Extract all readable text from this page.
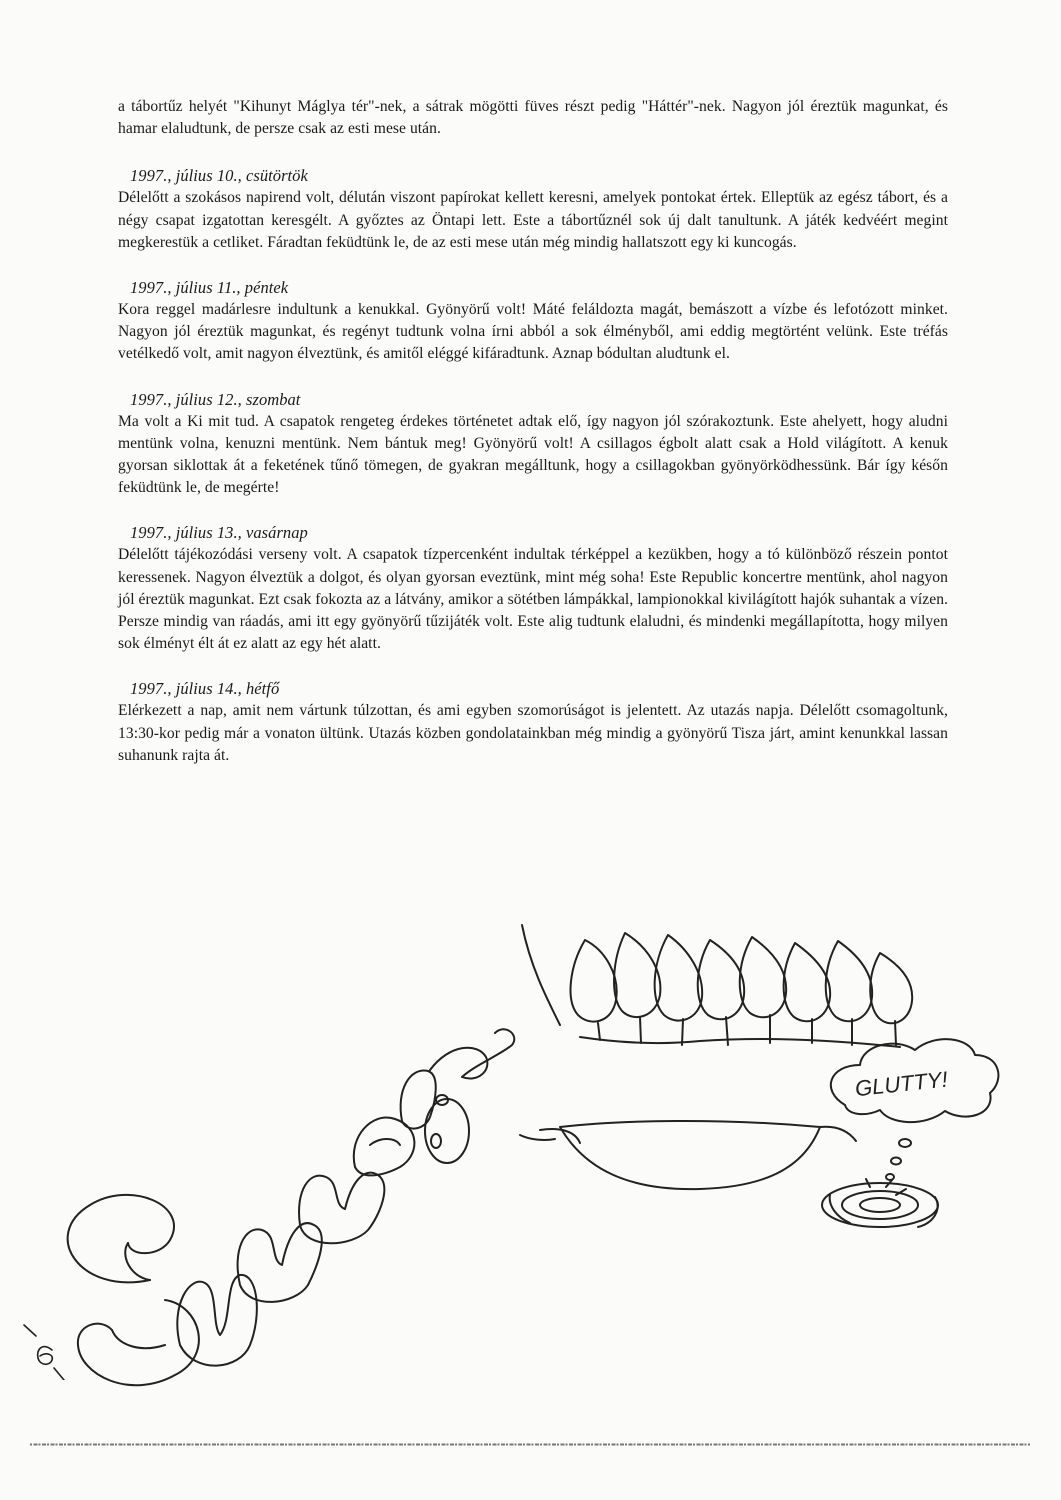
a tábortűz helyét "Kihunyt Máglya tér"-nek, a sátrak mögötti füves részt pedig "Háttér"-nek. Nagyon jól éreztük magunkat, és hamar elaludtunk, de persze csak az esti mese után.

1997., július 10., csütörtök

Délelőtt a szokásos napirend volt, délután viszont papírokat kellett keresni, amelyek pontokat értek. Elleptük az egész tábort, és a négy csapat izgatottan keresgélt. A győztes az Öntapi lett. Este a tábortűznél sok új dalt tanultunk. A játék kedvéért megint megkerestük a cetliket. Fáradtan feküdtünk le, de az esti mese után még mindig hallatszott egy ki kuncogás.

1997., július 11., péntek

Kora reggel madárlesre indultunk a kenukkal. Gyönyörű volt! Máté feláldozta magát, bemászott a vízbe és lefotózott minket. Nagyon jól éreztük magunkat, és regényt tudtunk volna írni abból a sok élményből, ami eddig megtörtént velünk. Este tréfás vetélkedő volt, amit nagyon élveztünk, és amitől eléggé kifáradtunk. Aznap bódultan aludtunk el.

1997., július 12., szombat

Ma volt a Ki mit tud. A csapatok rengeteg érdekes történetet adtak elő, így nagyon jól szórakoztunk. Este ahelyett, hogy aludni mentünk volna, kenuzni mentünk. Nem bántuk meg! Gyönyörű volt! A csillagos égbolt alatt csak a Hold világított. A kenuk gyorsan siklottak át a feketének tűnő tömegen, de gyakran megálltunk, hogy a csillagokban gyönyörködhessünk. Bár így későn feküdtünk le, de megérte!

1997., július 13., vasárnap

Délelőtt tájékozódási verseny volt. A csapatok tízpercenként indultak térképpel a kezükben, hogy a tó különböző részein pontot keressenek. Nagyon élveztük a dolgot, és olyan gyorsan eveztünk, mint még soha! Este Republic koncertre mentünk, ahol nagyon jól éreztük magunkat. Ezt csak fokozta az a látvány, amikor a sötétben lámpákkal, lampionokkal kivilágított hajók suhantak a vízen. Persze mindig van ráadás, ami itt egy gyönyörű tűzijáték volt. Este alig tudtunk elaludni, és mindenki megállapította, hogy milyen sok élményt élt át ez alatt az egy hét alatt.

1997., július 14., hétfő

Elérkezett a nap, amit nem vártunk túlzottan, és ami egyben szomorúságot is jelentett. Az utazás napja. Délelőtt csomagoltunk, 13:30-kor pedig már a vonaton ültünk. Utazás közben gondolatainkban még mindig a gyönyörű Tisza járt, amint kenunkkal lassan suhanunk rajta át.

GLUTTY!
6
